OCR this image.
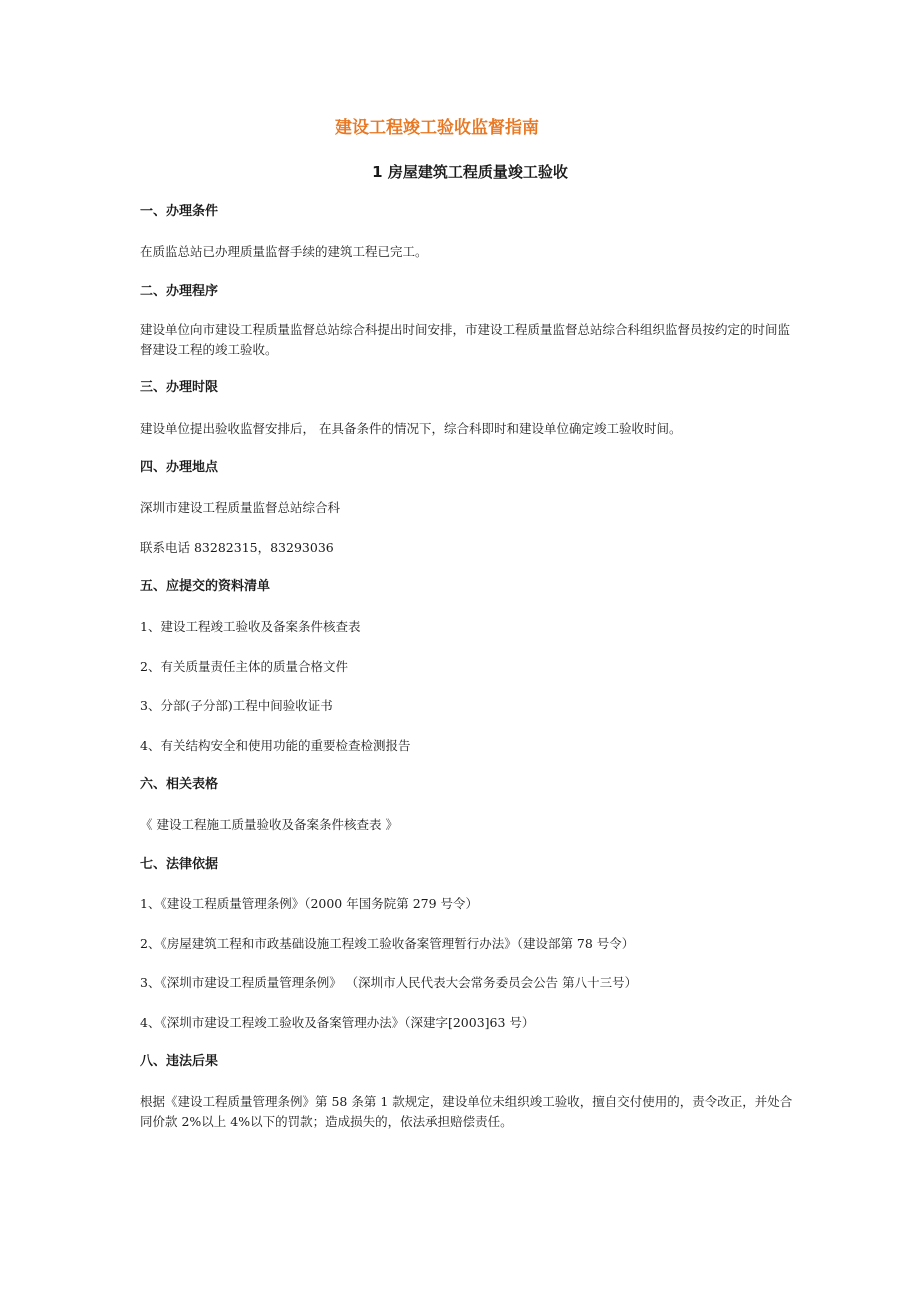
建设工程竣工验收监督指南
1 房屋建筑工程质量竣工验收

一、办理条件

在质监总站已办理质量监督手续的建筑工程已完工。

二、办理程序

建设单位向市建设工程质量监督总站综合科提出时间安排，市建设工程质量监督总站综合科组织监督员按约定的时间监督建设工程的竣工验收。

三、办理时限

建设单位提出验收监督安排后， 在具备条件的情况下，综合科即时和建设单位确定竣工验收时间。

四、办理地点

深圳市建设工程质量监督总站综合科

联系电话 83282315，83293036

五、应提交的资料清单

1、建设工程竣工验收及备案条件核查表

2、有关质量责任主体的质量合格文件

3、分部(子分部)工程中间验收证书

4、有关结构安全和使用功能的重要检查检测报告

六、相关表格

《 建设工程施工质量验收及备案条件核查表 》

七、法律依据

1、《建设工程质量管理条例》（2000 年国务院第 279 号令）

2、《房屋建筑工程和市政基础设施工程竣工验收备案管理暂行办法》（建设部第 78 号令）

3、《深圳市建设工程质量管理条例》 （深圳市人民代表大会常务委员会公告 第八十三号）

4、《深圳市建设工程竣工验收及备案管理办法》（深建字[2003]63 号）

八、违法后果

根据《建设工程质量管理条例》第 58 条第 1 款规定，建设单位未组织竣工验收，擅自交付使用的，责令改正，并处合同价款 2%以上 4%以下的罚款；造成损失的，依法承担赔偿责任。
